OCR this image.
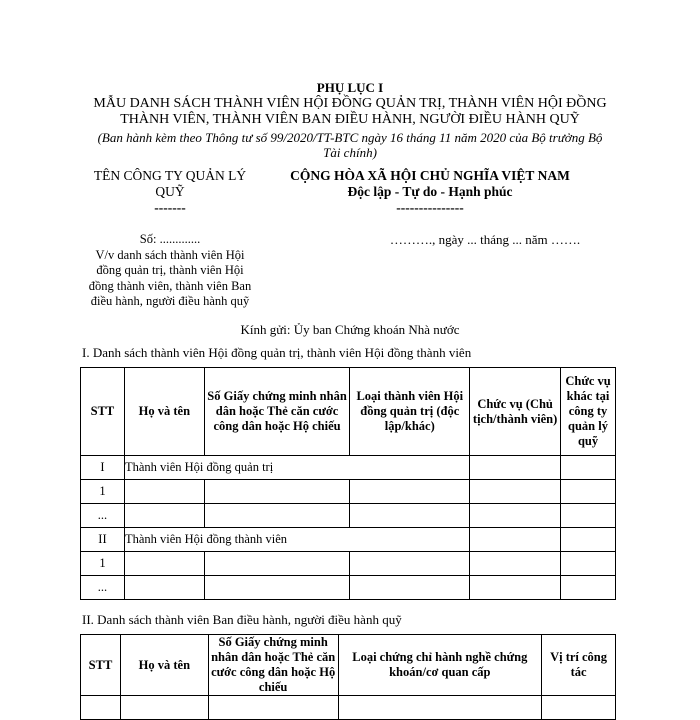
PHỤ LỤC I
MẪU DANH SÁCH THÀNH VIÊN HỘI ĐỒNG QUẢN TRỊ, THÀNH VIÊN HỘI ĐỒNG
THÀNH VIÊN, THÀNH VIÊN BAN ĐIỀU HÀNH, NGƯỜI ĐIỀU HÀNH QUỸ
(Ban hành kèm theo Thông tư số 99/2020/TT-BTC ngày 16 tháng 11 năm 2020 của Bộ trưởng Bộ
Tài chính)
TÊN CÔNG TY QUẢN LÝ
QUỸ
-------
Số: .............
V/v danh sách thành viên Hội
đồng quản trị, thành viên Hội
đồng thành viên, thành viên Ban
điều hành, người điều hành quỹ
CỘNG HÒA XÃ HỘI CHỦ NGHĨA VIỆT NAM
Độc lập - Tự do - Hạnh phúc
---------------
………., ngày ... tháng ... năm …….
Kính gửi: Ủy ban Chứng khoán Nhà nước
I. Danh sách thành viên Hội đồng quản trị, thành viên Hội đồng thành viên
STT	Họ và tên	Số Giấy chứng minh nhân dân hoặc Thẻ căn cước công dân hoặc Hộ chiếu	Loại thành viên Hội đồng quản trị (độc lập/khác)	Chức vụ (Chủ tịch/thành viên)	Chức vụ khác tại công ty quản lý quỹ
I	Thành viên Hội đồng quản trị				
1					
...					
II	Thành viên Hội đồng thành viên				
1					
...					
II. Danh sách thành viên Ban điều hành, người điều hành quỹ
STT	Họ và tên	Số Giấy chứng minh nhân dân hoặc Thẻ căn cước công dân hoặc Hộ chiếu	Loại chứng chỉ hành nghề chứng khoán/cơ quan cấp	Vị trí công tác
